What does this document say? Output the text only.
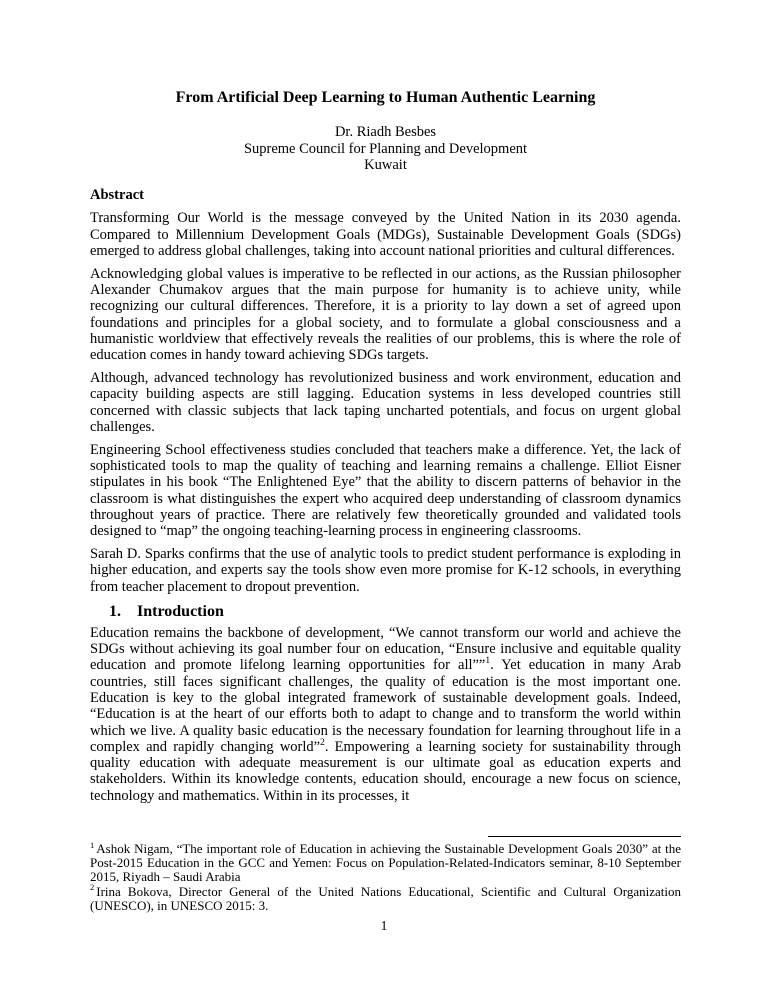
From Artificial Deep Learning to Human Authentic Learning
Dr. Riadh Besbes
Supreme Council for Planning and Development
Kuwait
Abstract

Transforming Our World is the message conveyed by the United Nation in its 2030 agenda. Compared to Millennium Development Goals (MDGs), Sustainable Development Goals (SDGs) emerged to address global challenges, taking into account national priorities and cultural differences.

Acknowledging global values is imperative to be reflected in our actions, as the Russian philosopher Alexander Chumakov argues that the main purpose for humanity is to achieve unity, while recognizing our cultural differences. Therefore, it is a priority to lay down a set of agreed upon foundations and principles for a global society, and to formulate a global consciousness and a humanistic worldview that effectively reveals the realities of our problems, this is where the role of education comes in handy toward achieving SDGs targets.

Although, advanced technology has revolutionized business and work environment, education and capacity building aspects are still lagging. Education systems in less developed countries still concerned with classic subjects that lack taping uncharted potentials, and focus on urgent global challenges.

Engineering School effectiveness studies concluded that teachers make a difference. Yet, the lack of sophisticated tools to map the quality of teaching and learning remains a challenge. Elliot Eisner stipulates in his book “The Enlightened Eye” that the ability to discern patterns of behavior in the classroom is what distinguishes the expert who acquired deep understanding of classroom dynamics throughout years of practice. There are relatively few theoretically grounded and validated tools designed to “map” the ongoing teaching-learning process in engineering classrooms.

Sarah D. Sparks confirms that the use of analytic tools to predict student performance is exploding in higher education, and experts say the tools show even more promise for K-12 schools, in everything from teacher placement to dropout prevention.

1. Introduction

Education remains the backbone of development, “We cannot transform our world and achieve the SDGs without achieving its goal number four on education, “Ensure inclusive and equitable quality education and promote lifelong learning opportunities for all””$^1$. Yet education in many Arab countries, still faces significant challenges, the quality of education is the most important one. Education is key to the global integrated framework of sustainable development goals. Indeed, “Education is at the heart of our efforts both to adapt to change and to transform the world within which we live. A quality basic education is the necessary foundation for learning throughout life in a complex and rapidly changing world”$^2$. Empowering a learning society for sustainability through quality education with adequate measurement is our ultimate goal as education experts and stakeholders. Within its knowledge contents, education should, encourage a new focus on science, technology and mathematics. Within in its processes, it

$^1$ Ashok Nigam, “The important role of Education in achieving the Sustainable Development Goals 2030” at the Post-2015 Education in the GCC and Yemen: Focus on Population-Related-Indicators seminar, 8-10 September 2015, Riyadh – Saudi Arabia

$^2$ Irina Bokova, Director General of the United Nations Educational, Scientific and Cultural Organization (UNESCO), in UNESCO 2015: 3.

1
